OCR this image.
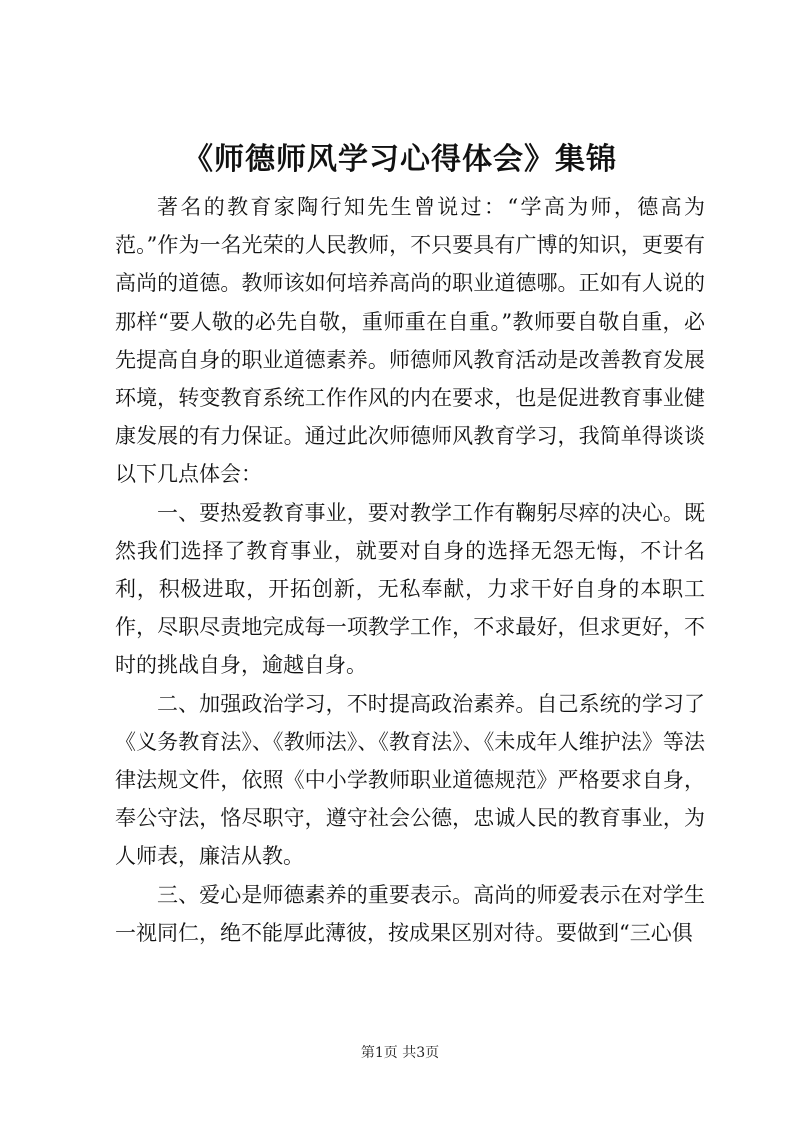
《师德师风学习心得体会》集锦

著名的教育家陶行知先生曾说过：“学高为师，德高为范。”作为一名光荣的人民教师，不只要具有广博的知识，更要有高尚的道德。教师该如何培养高尚的职业道德哪。正如有人说的那样“要人敬的必先自敬，重师重在自重。”教师要自敬自重，必先提高自身的职业道德素养。师德师风教育活动是改善教育发展环境，转变教育系统工作作风的内在要求，也是促进教育事业健康发展的有力保证。通过此次师德师风教育学习，我简单得谈谈以下几点体会：

一、要热爱教育事业，要对教学工作有鞠躬尽瘁的决心。既然我们选择了教育事业，就要对自身的选择无怨无悔，不计名利，积极进取，开拓创新，无私奉献，力求干好自身的本职工作，尽职尽责地完成每一项教学工作，不求最好，但求更好，不时的挑战自身，逾越自身。

二、加强政治学习，不时提高政治素养。自己系统的学习了《义务教育法》、《教师法》、《教育法》、《未成年人维护法》等法律法规文件，依照《中小学教师职业道德规范》严格要求自身，奉公守法，恪尽职守，遵守社会公德，忠诚人民的教育事业，为人师表，廉洁从教。

三、爱心是师德素养的重要表示。高尚的师爱表示在对学生一视同仁，绝不能厚此薄彼，按成果区别对待。要做到“三心俱

第1页 共3页
